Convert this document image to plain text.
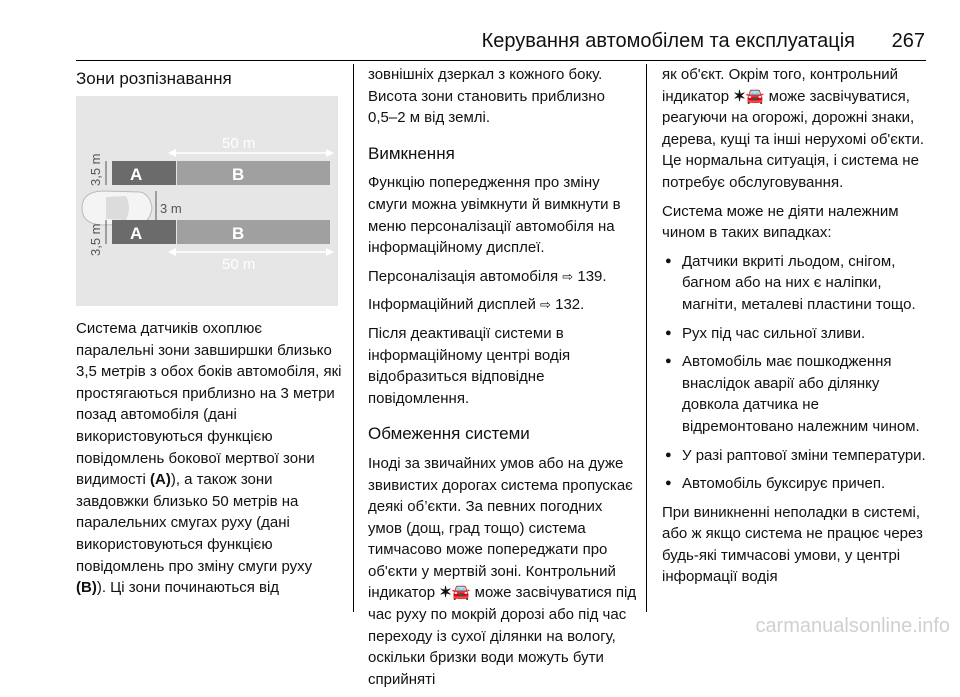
Керування автомобілем та експлуатація 267
Зони розпізнавання
50 m
A	B
3,5 m
3 m
A	B
3,5 m
50 m

Система датчиків охоплює паралельні зони завширшки близько 3,5 метрів з обох боків автомобіля, які простягаються приблизно на 3 метри позад автомобіля (дані використовуються функцією повідомлень бокової мертвої зони видимості (A)), а також зони завдовжки близько 50 метрів на паралельних смугах руху (дані використовуються функцією повідомлень про зміну смуги руху (B)). Ці зони починаються від

зовнішніх дзеркал з кожного боку. Висота зони становить приблизно 0,5–2 м від землі.

Вимкнення

Функцію попередження про зміну смуги можна увімкнути й вимкнути в меню персоналізації автомобіля на інформаційному дисплеї.

Персоналізація автомобіля ⇨ 139.

Інформаційний дисплей ⇨ 132.

Після деактивації системи в інформаційному центрі водія відобразиться відповідне повідомлення.

Обмеження системи

Іноді за звичайних умов або на дуже звивистих дорогах система пропускає деякі об’єкти. За певних погодних умов (дощ, град тощо) система тимчасово може попереджати про об'єкти у мертвій зоні. Контрольний індикатор ✶🚘 може засвічуватися під час руху по мокрій дорозі або під час переходу із сухої ділянки на вологу, оскільки бризки води можуть бути сприйняті

як об'єкт. Окрім того, контрольний індикатор ✶🚘 може засвічуватися, реагуючи на огорожі, дорожні знаки, дерева, кущі та інші нерухомі об'єкти. Це нормальна ситуація, і система не потребує обслуговування.

Система може не діяти належним чином в таких випадках:

● Датчики вкриті льодом, снігом, багном або на них є наліпки, магніти, металеві пластини тощо.
● Рух під час сильної зливи.
● Автомобіль має пошкодження внаслідок аварії або ділянку довкола датчика не відремонтовано належним чином.
● У разі раптової зміни температури.
● Автомобіль буксирує причеп.

При виникненні неполадки в системі, або ж якщо система не працює через будь-які тимчасові умови, у центрі інформації водія

carmanualsonline.info
